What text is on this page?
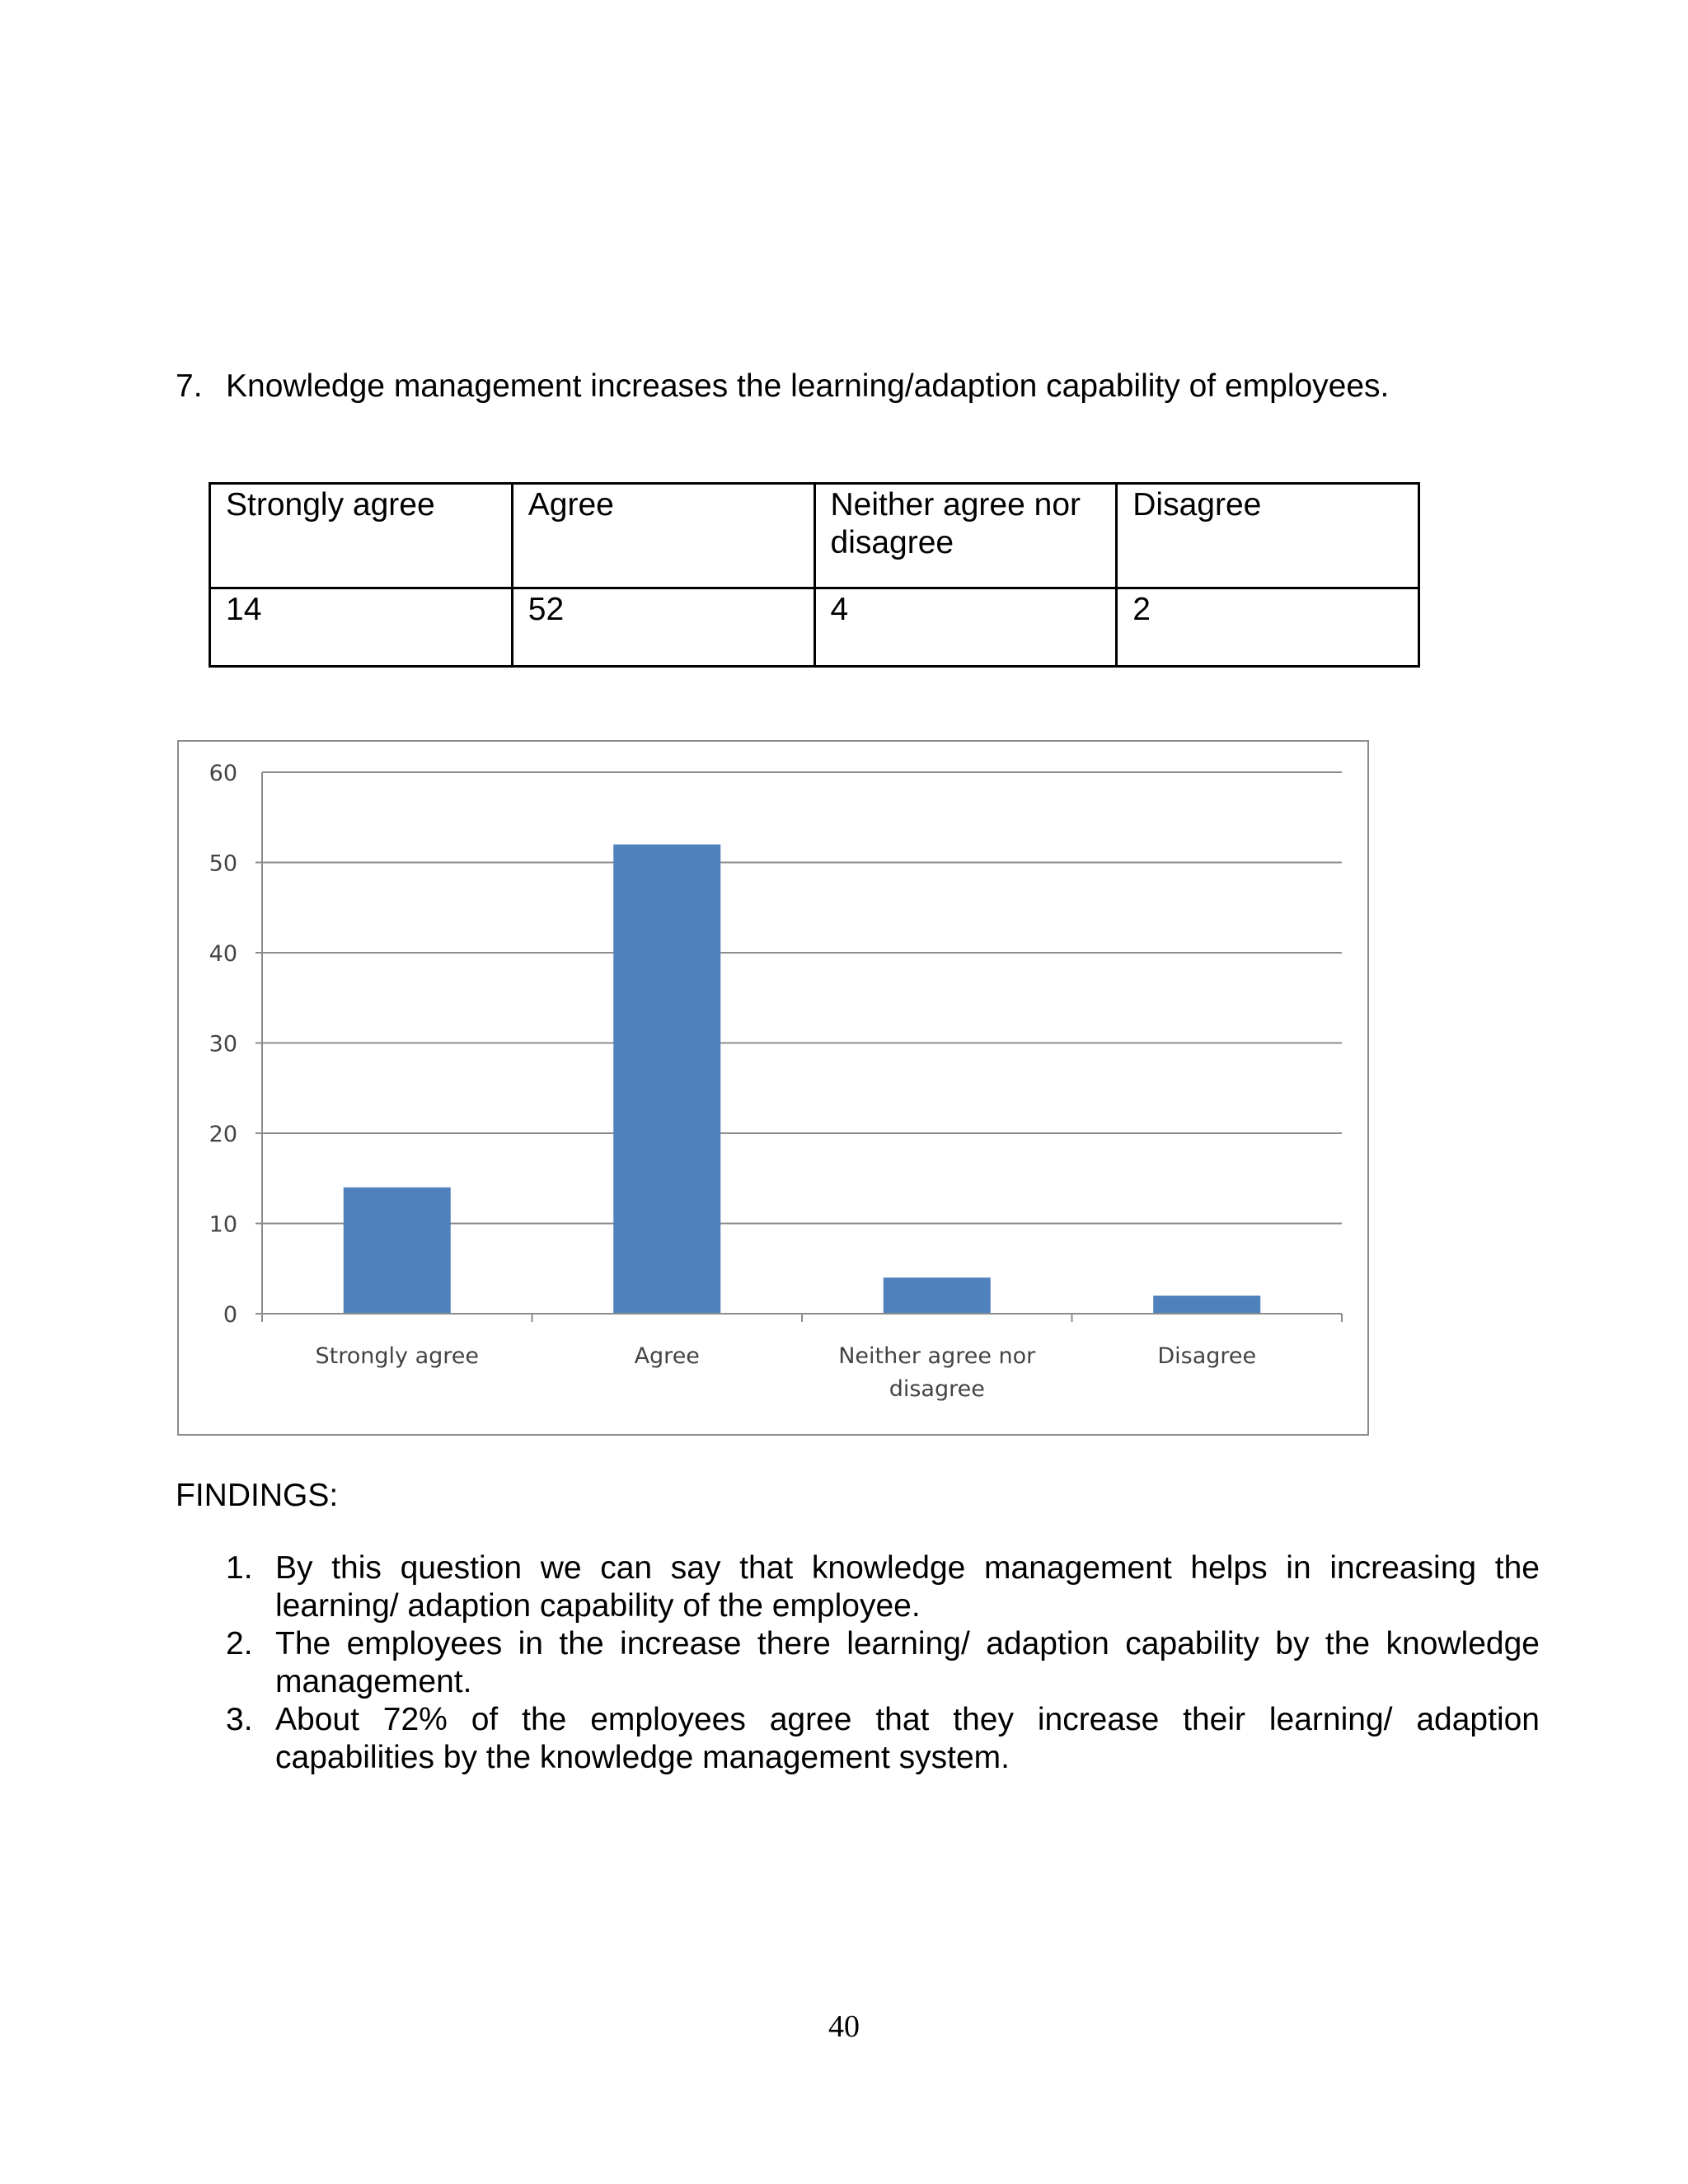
7. Knowledge management increases the learning/adaption capability of employees.
Strongly agree	Agree	Neither agree nor disagree	Disagree
14	52	4	2
0
10
20
30
40
50
60
Strongly agree	Agree	Neither agree nor disagree
Disagree
FINDINGS:
1. By this question we can say that knowledge management helps in increasing the learning/ adaption capability of the employee.
2. The employees in the increase there learning/ adaption capability by the knowledge management.
3. About 72% of the employees agree that they increase their learning/ adaption capabilities by the knowledge management system.
40
